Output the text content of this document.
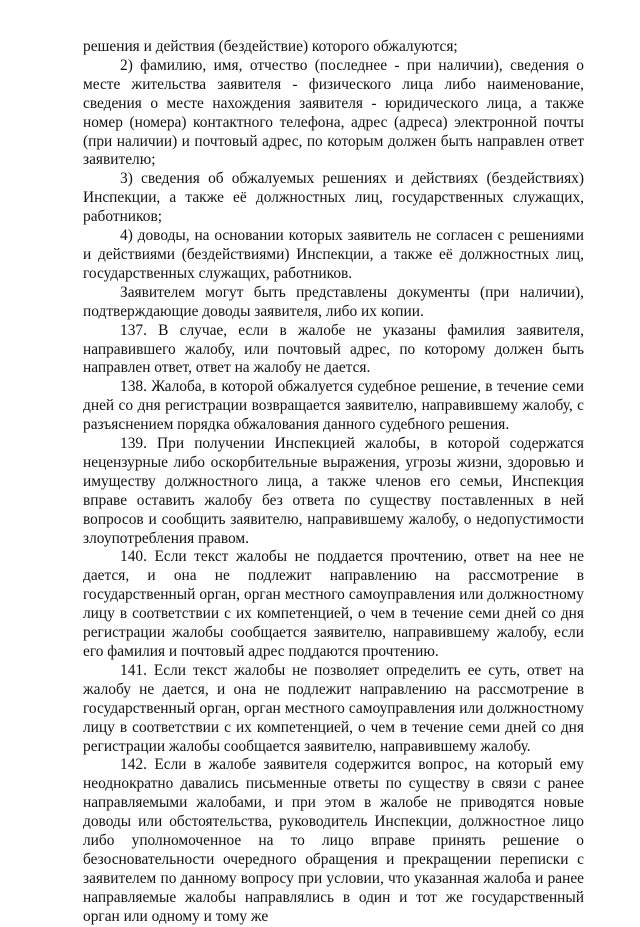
решения и действия (бездействие) которого обжалуются;

2) фамилию, имя, отчество (последнее - при наличии), сведения о месте жительства заявителя - физического лица либо наименование, сведения о месте нахождения заявителя - юридического лица, а также номер (номера) контактного телефона, адрес (адреса) электронной почты (при наличии) и почтовый адрес, по которым должен быть направлен ответ заявителю;

3) сведения об обжалуемых решениях и действиях (бездействиях) Инспекции, а также её должностных лиц, государственных служащих, работников;

4) доводы, на основании которых заявитель не согласен с решениями и действиями (бездействиями) Инспекции, а также её должностных лиц, государственных служащих, работников.

Заявителем могут быть представлены документы (при наличии), подтверждающие доводы заявителя, либо их копии.

137. В случае, если в жалобе не указаны фамилия заявителя, направившего жалобу, или почтовый адрес, по которому должен быть направлен ответ, ответ на жалобу не дается.

138. Жалоба, в которой обжалуется судебное решение, в течение семи дней со дня регистрации возвращается заявителю, направившему жалобу, с разъяснением порядка обжалования данного судебного решения.

139. При получении Инспекцией жалобы, в которой содержатся нецензурные либо оскорбительные выражения, угрозы жизни, здоровью и имуществу должностного лица, а также членов его семьи, Инспекция вправе оставить жалобу без ответа по существу поставленных в ней вопросов и сообщить заявителю, направившему жалобу, о недопустимости злоупотребления правом.

140. Если текст жалобы не поддается прочтению, ответ на нее не дается, и она не подлежит направлению на рассмотрение в государственный орган, орган местного самоуправления или должностному лицу в соответствии с их компетенцией, о чем в течение семи дней со дня регистрации жалобы сообщается заявителю, направившему жалобу, если его фамилия и почтовый адрес поддаются прочтению.

141. Если текст жалобы не позволяет определить ее суть, ответ на жалобу не дается, и она не подлежит направлению на рассмотрение в государственный орган, орган местного самоуправления или должностному лицу в соответствии с их компетенцией, о чем в течение семи дней со дня регистрации жалобы сообщается заявителю, направившему жалобу.

142. Если в жалобе заявителя содержится вопрос, на который ему неоднократно давались письменные ответы по существу в связи с ранее направляемыми жалобами, и при этом в жалобе не приводятся новые доводы или обстоятельства, руководитель Инспекции, должностное лицо либо уполномоченное на то лицо вправе принять решение о безосновательности очередного обращения и прекращении переписки с заявителем по данному вопросу при условии, что указанная жалоба и ранее направляемые жалобы направлялись в один и тот же государственный орган или одному и тому же
